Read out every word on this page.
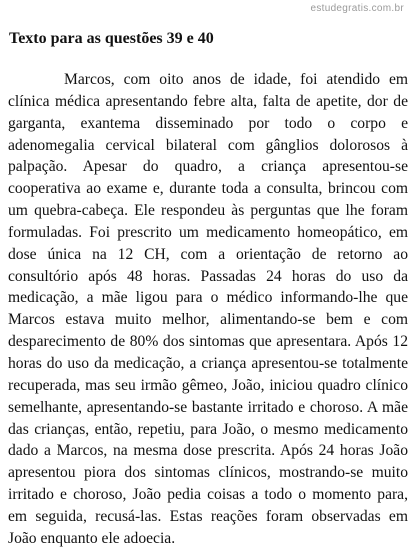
estudegratis.com.br
Texto para as questões 39 e 40

Marcos, com oito anos de idade, foi atendido em clínica médica apresentando febre alta, falta de apetite, dor de garganta, exantema disseminado por todo o corpo e adenomegalia cervical bilateral com gânglios dolorosos à palpação. Apesar do quadro, a criança apresentou-se cooperativa ao exame e, durante toda a consulta, brincou com um quebra-cabeça. Ele respondeu às perguntas que lhe foram formuladas. Foi prescrito um medicamento homeopático, em dose única na 12 CH, com a orientação de retorno ao consultório após 48 horas. Passadas 24 horas do uso da medicação, a mãe ligou para o médico informando-lhe que Marcos estava muito melhor, alimentando-se bem e com desparecimento de 80% dos sintomas que apresentara. Após 12 horas do uso da medicação, a criança apresentou-se totalmente recuperada, mas seu irmão gêmeo, João, iniciou quadro clínico semelhante, apresentando-se bastante irritado e choroso. A mãe das crianças, então, repetiu, para João, o mesmo medicamento dado a Marcos, na mesma dose prescrita. Após 24 horas João apresentou piora dos sintomas clínicos, mostrando-se muito irritado e choroso, João pedia coisas a todo o momento para, em seguida, recusá-las. Estas reações foram observadas em João enquanto ele adoecia.
